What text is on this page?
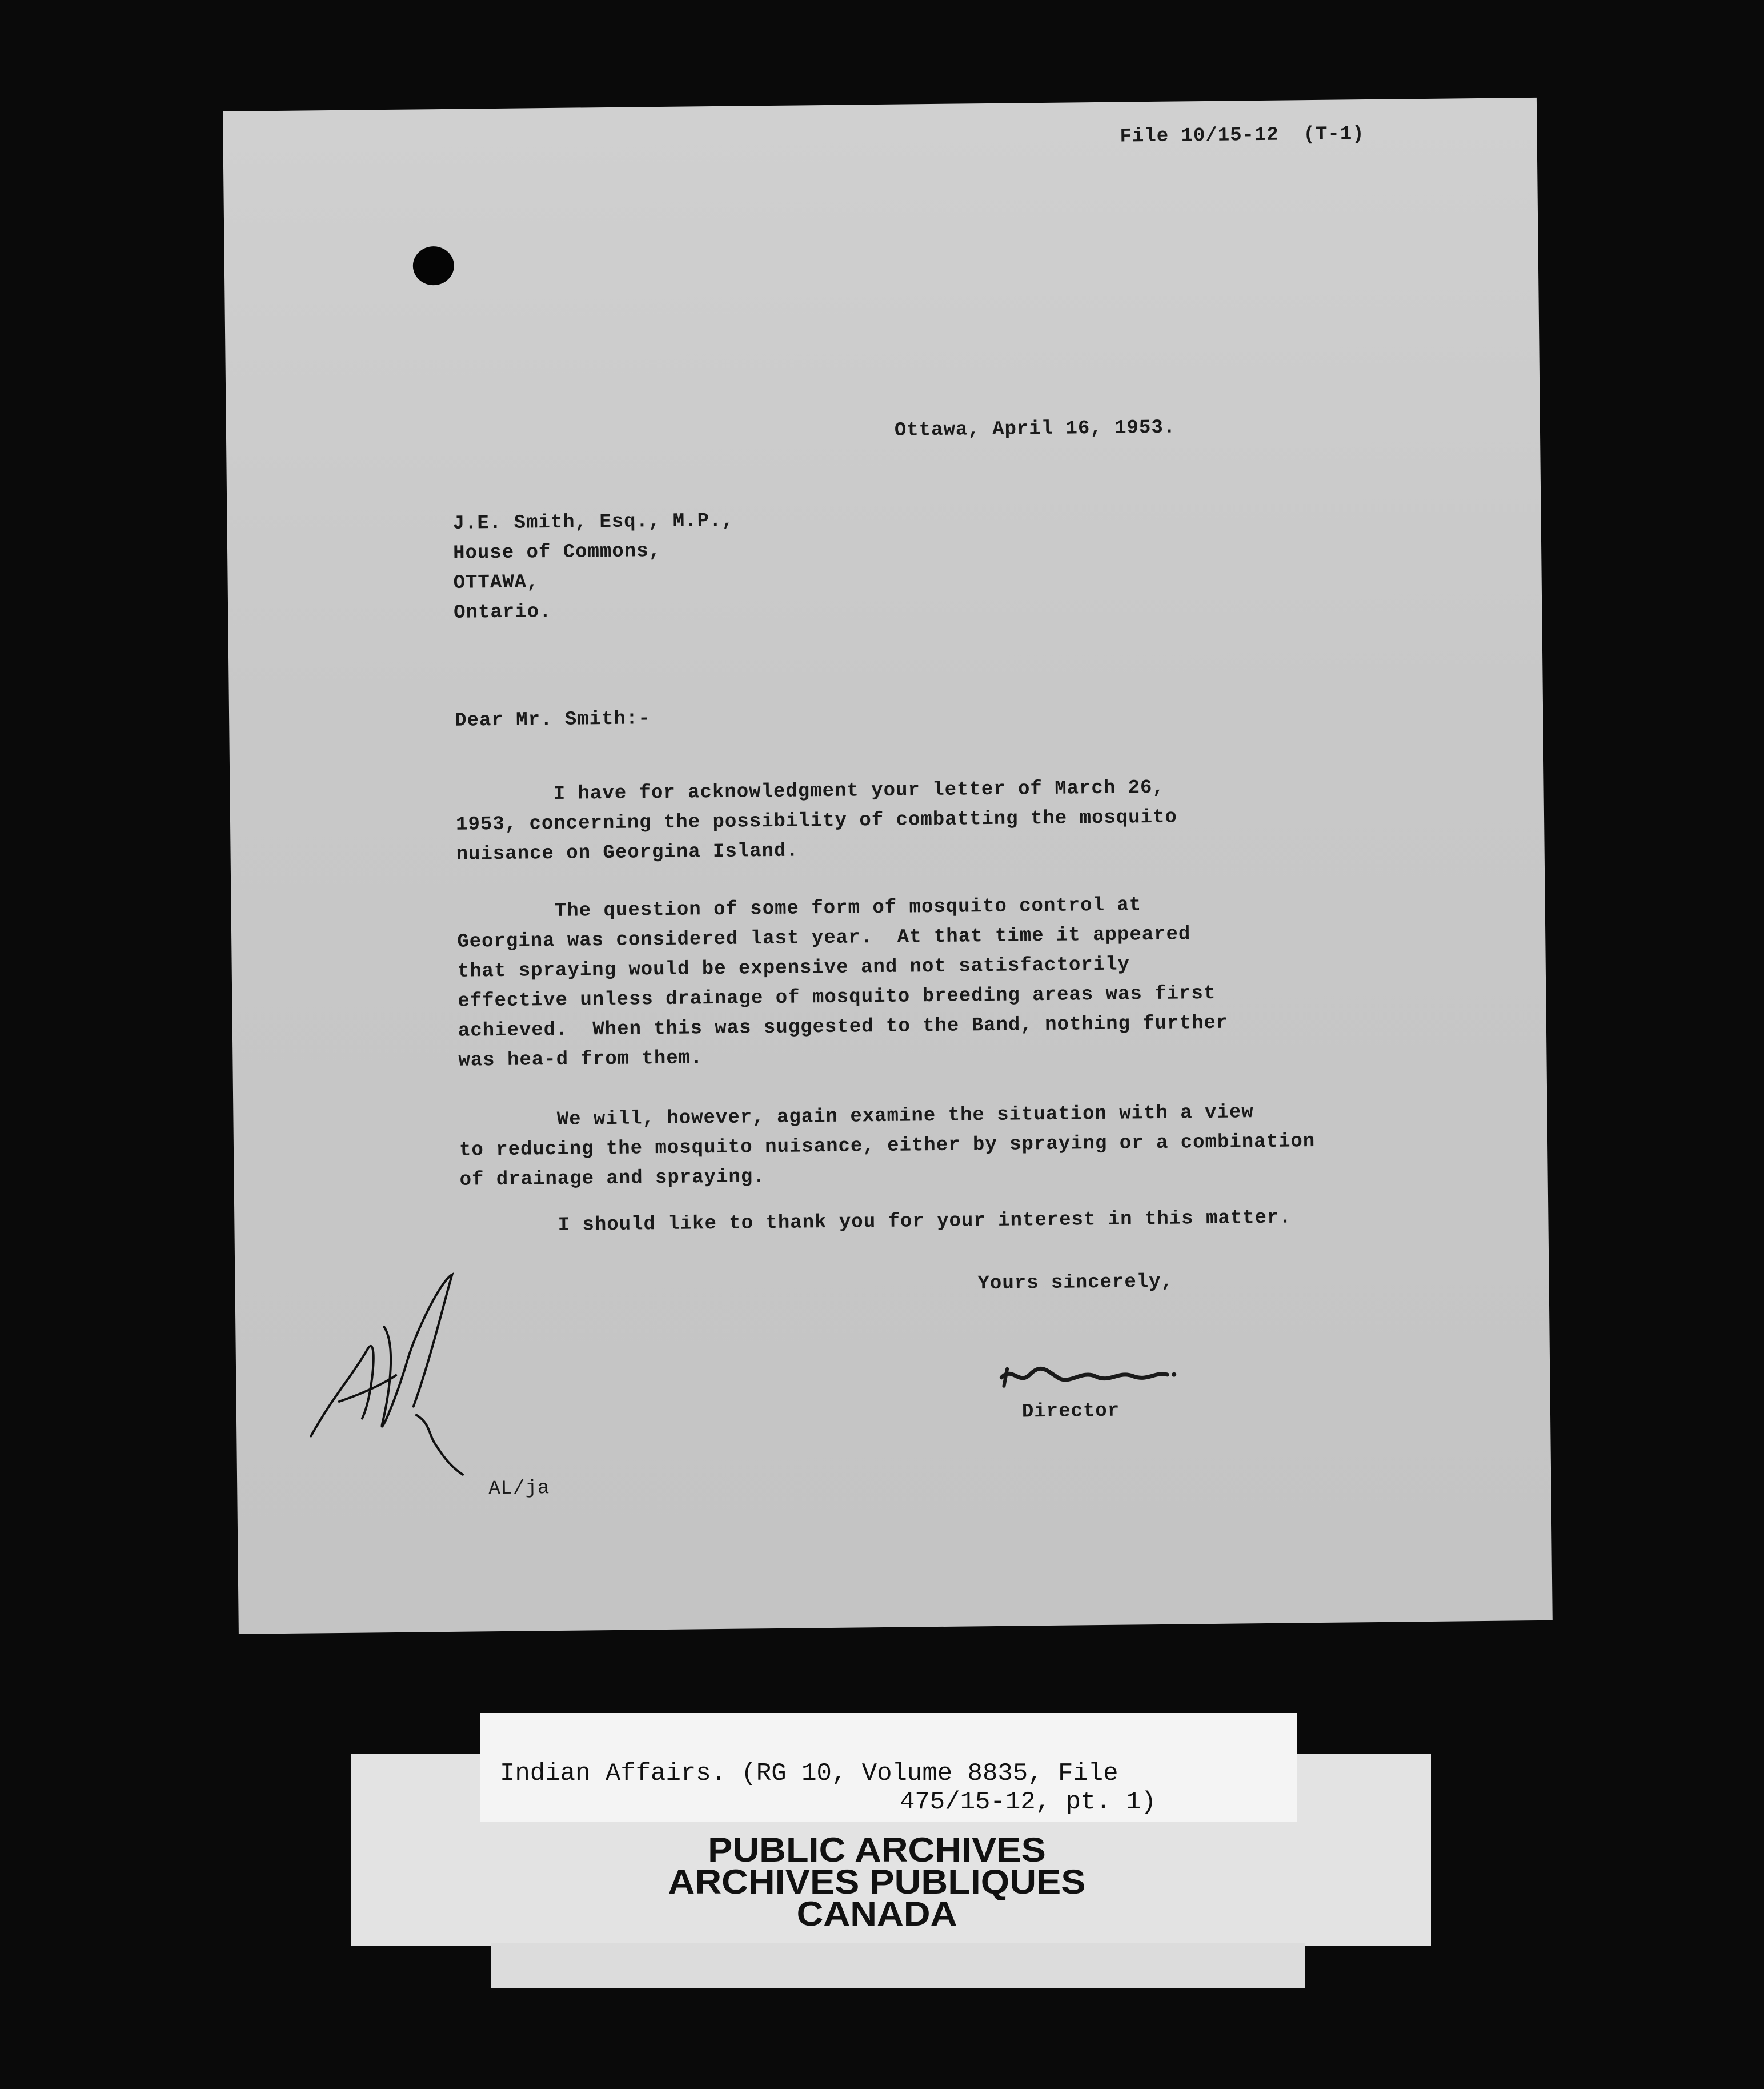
File 10/15-12  (T-1)
Ottawa, April 16, 1953.
J.E. Smith, Esq., M.P.,
House of Commons,
OTTAWA,
Ontario.
Dear Mr. Smith:-
I have for acknowledgment your letter of March 26,
1953, concerning the possibility of combatting the mosquito
nuisance on Georgina Island.
The question of some form of mosquito control at
Georgina was considered last year.  At that time it appeared
that spraying would be expensive and not satisfactorily
effective unless drainage of mosquito breeding areas was first
achieved.  When this was suggested to the Band, nothing further
was hea-d from them.
We will, however, again examine the situation with a view
to reducing the mosquito nuisance, either by spraying or a combination
of drainage and spraying.
I should like to thank you for your interest in this matter.
Yours sincerely,
Director
AL/ja
Indian Affairs. (RG 10, Volume 8835, File
475/15-12, pt. 1)
PUBLIC ARCHIVES
ARCHIVES PUBLIQUES
CANADA
